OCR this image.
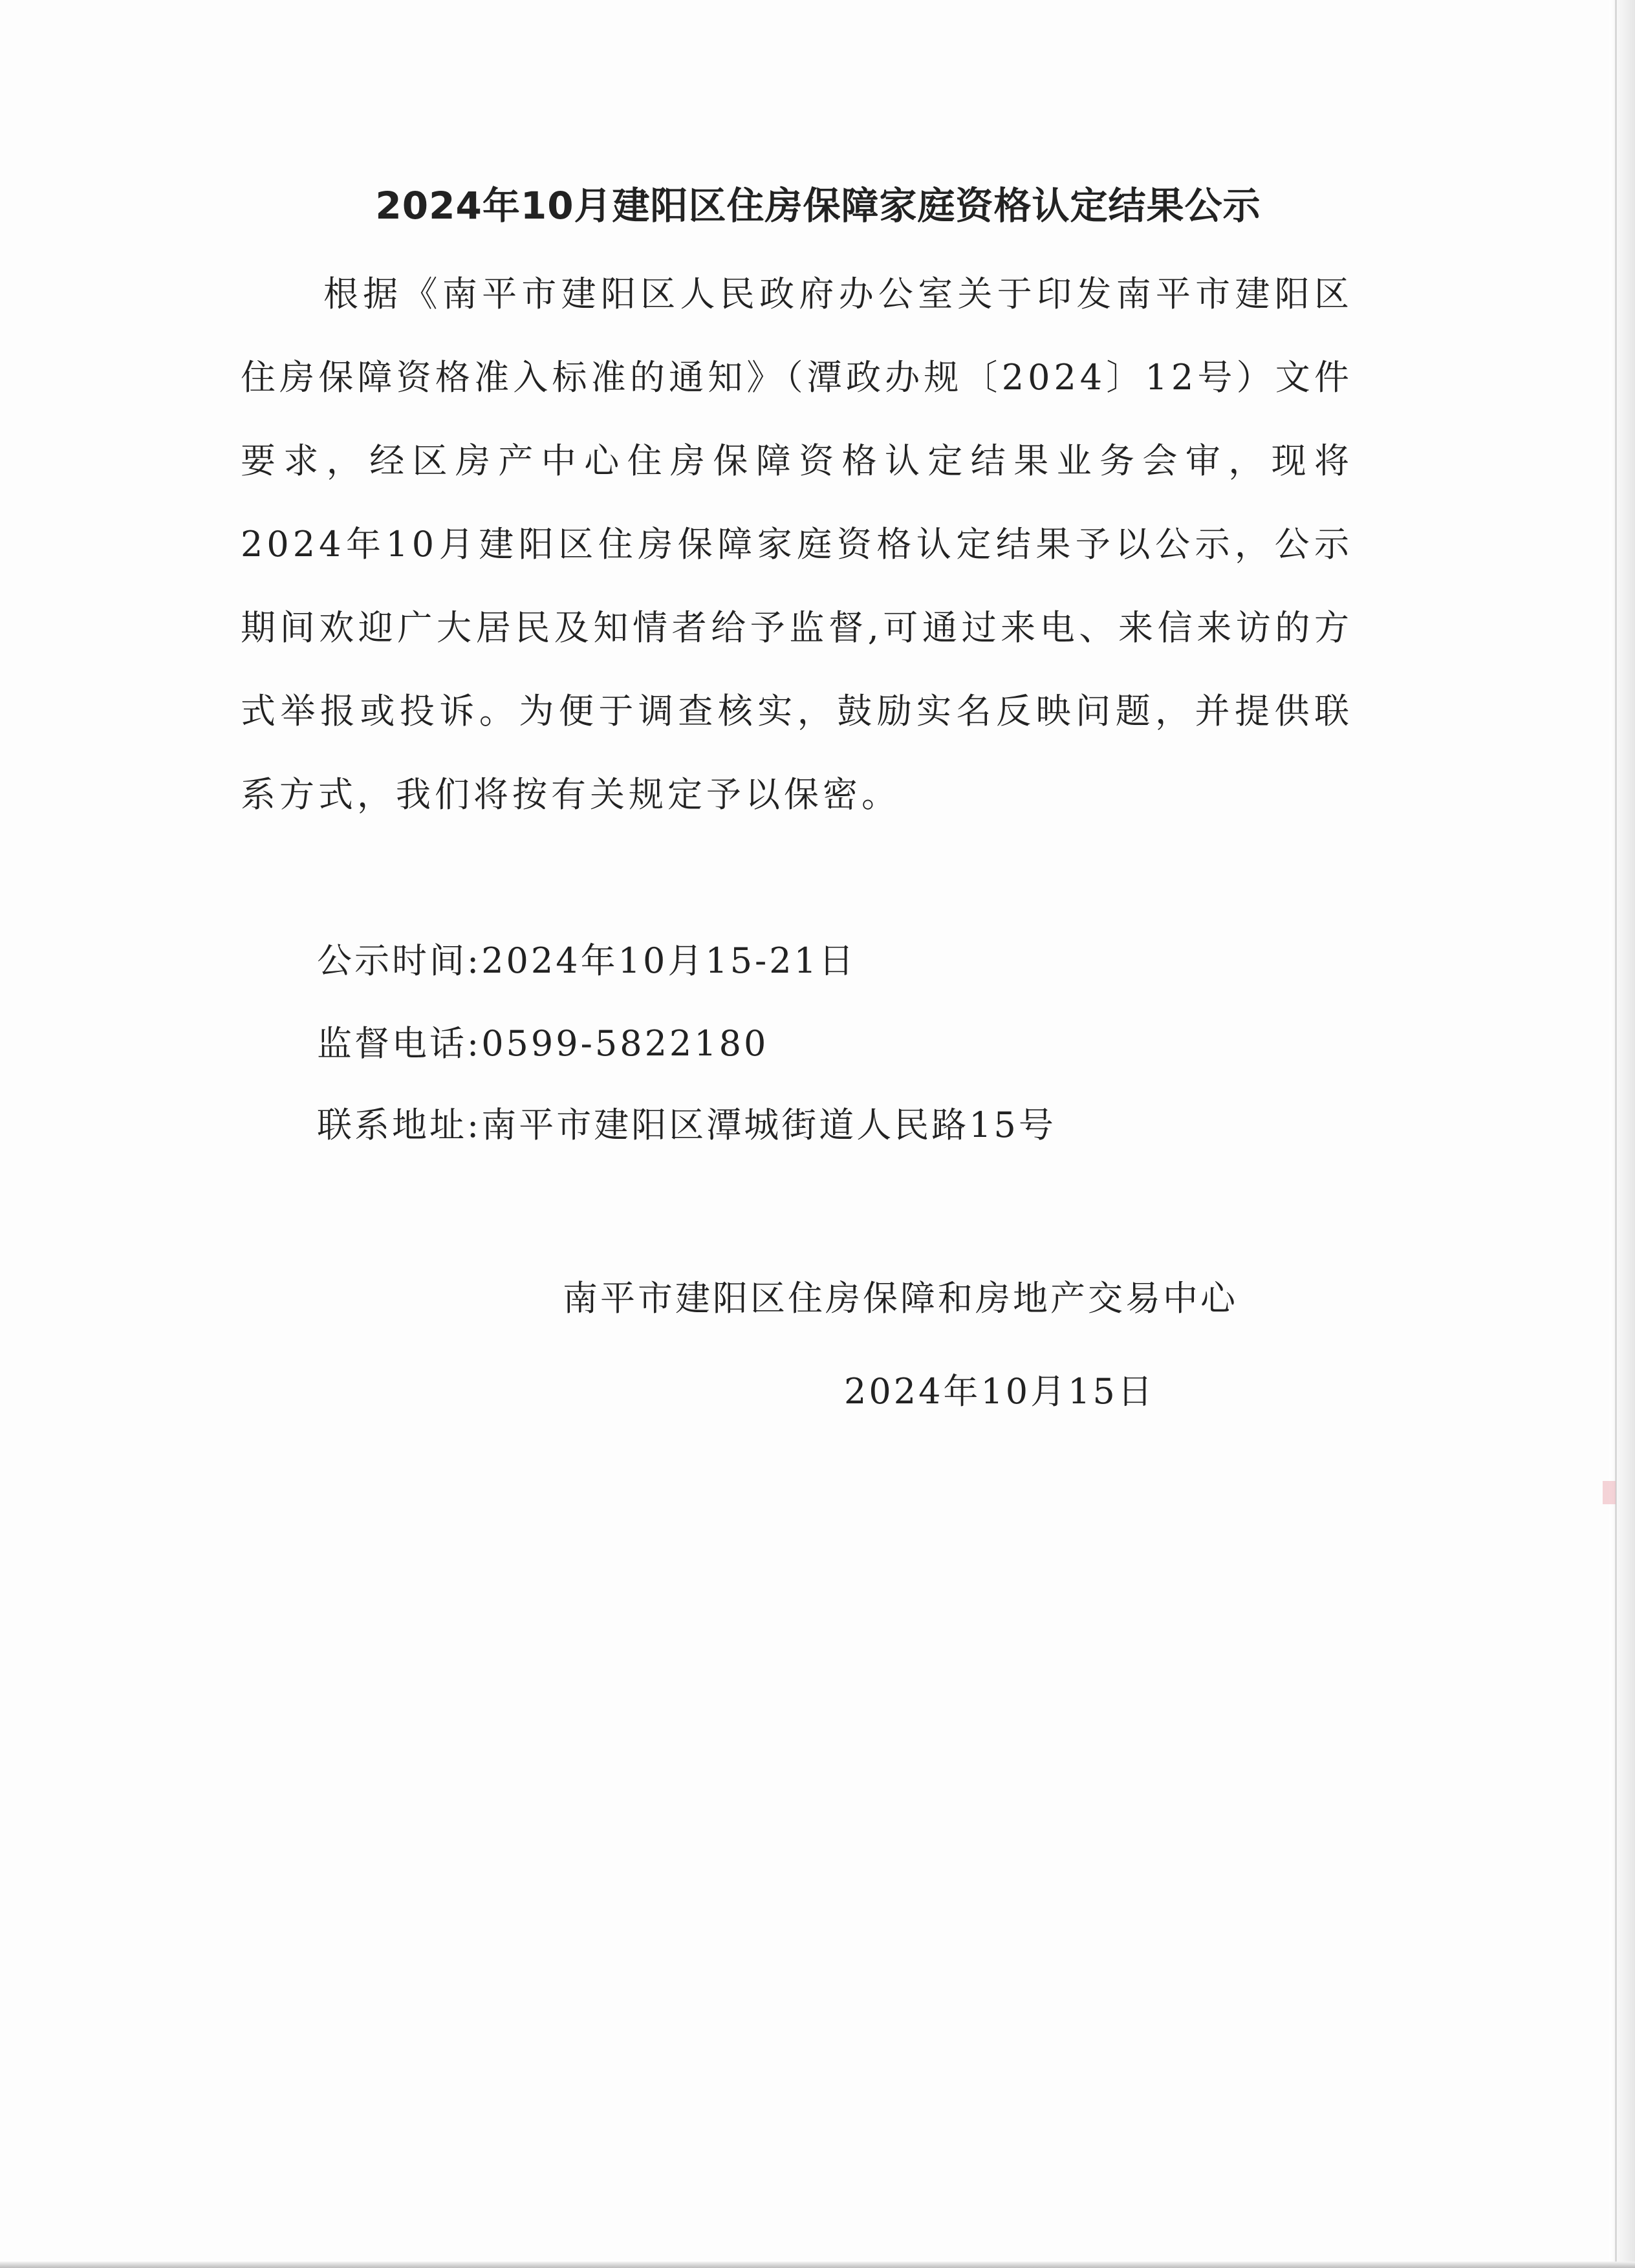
2024年10月建阳区住房保障家庭资格认定结果公示

根据《南平市建阳区人民政府办公室关于印发南平市建阳区住房保障资格准入标准的通知》（潭政办规〔2024〕12号）文件要求，经区房产中心住房保障资格认定结果业务会审，现将2024年10月建阳区住房保障家庭资格认定结果予以公示，公示期间欢迎广大居民及知情者给予监督,可通过来电、来信来访的方式举报或投诉。为便于调查核实，鼓励实名反映问题，并提供联系方式，我们将按有关规定予以保密。

公示时间:2024年10月15-21日
监督电话:0599-5822180
联系地址:南平市建阳区潭城街道人民路15号
南平市建阳区住房保障和房地产交易中心
2024年10月15日
